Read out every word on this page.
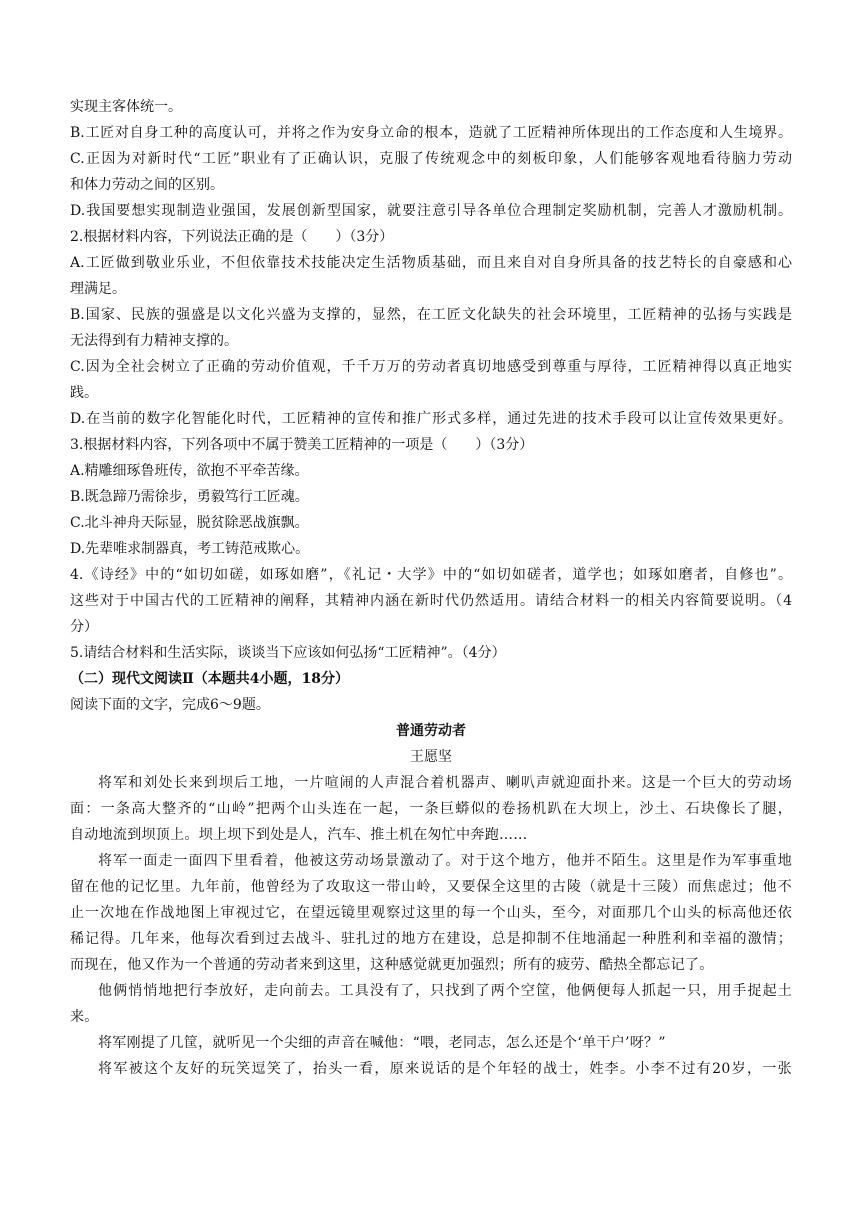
实现主客体统一。
B.工匠对自身工种的高度认可，并将之作为安身立命的根本，造就了工匠精神所体现出的工作态度和人生境界。
C.正因为对新时代“工匠”职业有了正确认识，克服了传统观念中的刻板印象，人们能够客观地看待脑力劳动
和体力劳动之间的区别。
D.我国要想实现制造业强国，发展创新型国家，就要注意引导各单位合理制定奖励机制，完善人才激励机制。
2.根据材料内容，下列说法正确的是（　　）（3分）
A.工匠做到敬业乐业，不但依靠技术技能决定生活物质基础，而且来自对自身所具备的技艺特长的自豪感和心
理满足。
B.国家、民族的强盛是以文化兴盛为支撑的，显然，在工匠文化缺失的社会环境里，工匠精神的弘扬与实践是
无法得到有力精神支撑的。
C.因为全社会树立了正确的劳动价值观，千千万万的劳动者真切地感受到尊重与厚待，工匠精神得以真正地实
践。
D.在当前的数字化智能化时代，工匠精神的宣传和推广形式多样，通过先进的技术手段可以让宣传效果更好。
3.根据材料内容，下列各项中不属于赞美工匠精神的一项是（　　）（3分）
A.精雕细琢鲁班传，欲抱不平牵苦缘。
B.既急蹄乃需徐步，勇毅笃行工匠魂。
C.北斗神舟天际显，脱贫除恶战旗飘。
D.先辈唯求制器真，考工铸范戒欺心。
4.《诗经》中的“如切如磋，如琢如磨”，《礼记・大学》中的“如切如磋者，道学也；如琢如磨者，自修也”。
这些对于中国古代的工匠精神的阐释，其精神内涵在新时代仍然适用。请结合材料一的相关内容简要说明。（4
分）
5.请结合材料和生活实际，谈谈当下应该如何弘扬“工匠精神”。（4分）
（二）现代文阅读Ⅱ（本题共4小题，18分）
阅读下面的文字，完成6～9题。
普通劳动者
王愿坚
将军和刘处长来到坝后工地，一片喧闹的人声混合着机器声、喇叭声就迎面扑来。这是一个巨大的劳动场
面：一条高大整齐的“山岭”把两个山头连在一起，一条巨蟒似的卷扬机趴在大坝上，沙土、石块像长了腿，
自动地流到坝顶上。坝上坝下到处是人，汽车、推土机在匆忙中奔跑……
将军一面走一面四下里看着，他被这劳动场景激动了。对于这个地方，他并不陌生。这里是作为军事重地
留在他的记忆里。九年前，他曾经为了攻取这一带山岭，又要保全这里的古陵（就是十三陵）而焦虑过；他不
止一次地在作战地图上审视过它，在望远镜里观察过这里的每一个山头，至今，对面那几个山头的标高他还依
稀记得。几年来，他每次看到过去战斗、驻扎过的地方在建设，总是抑制不住地涌起一种胜利和幸福的激情；
而现在，他又作为一个普通的劳动者来到这里，这种感觉就更加强烈；所有的疲劳、酷热全都忘记了。
他俩悄悄地把行李放好，走向前去。工具没有了，只找到了两个空筐，他俩便每人抓起一只，用手捉起土
来。
将军刚提了几筐，就听见一个尖细的声音在喊他：“喂，老同志，怎么还是个‘单干户’呀？”
将军被这个友好的玩笑逗笑了，抬头一看，原来说话的是个年轻的战士，姓李。小李不过有20岁，一张
